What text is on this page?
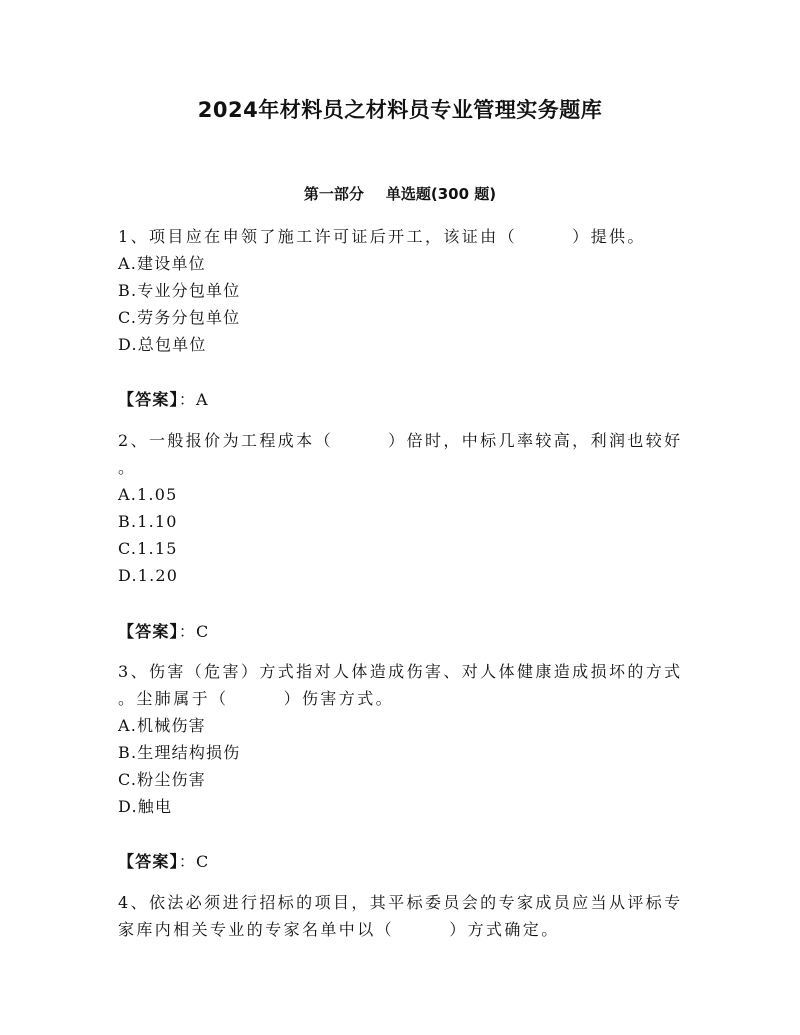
2024年材料员之材料员专业管理实务题库
第一部分 单选题(300 题)
1、项目应在申领了施工许可证后开工，该证由（　　　）提供。
A.建设单位
B.专业分包单位
C.劳务分包单位
D.总包单位
【答案】：A
2、一般报价为工程成本（　　　）倍时，中标几率较高，利润也较好
。
A.1.05
B.1.10
C.1.15
D.1.20
【答案】：C
3、伤害（危害）方式指对人体造成伤害、对人体健康造成损坏的方式
。尘肺属于（　　　）伤害方式。
A.机械伤害
B.生理结构损伤
C.粉尘伤害
D.触电
【答案】：C
4、依法必须进行招标的项目，其平标委员会的专家成员应当从评标专
家库内相关专业的专家名单中以（　　　）方式确定。
